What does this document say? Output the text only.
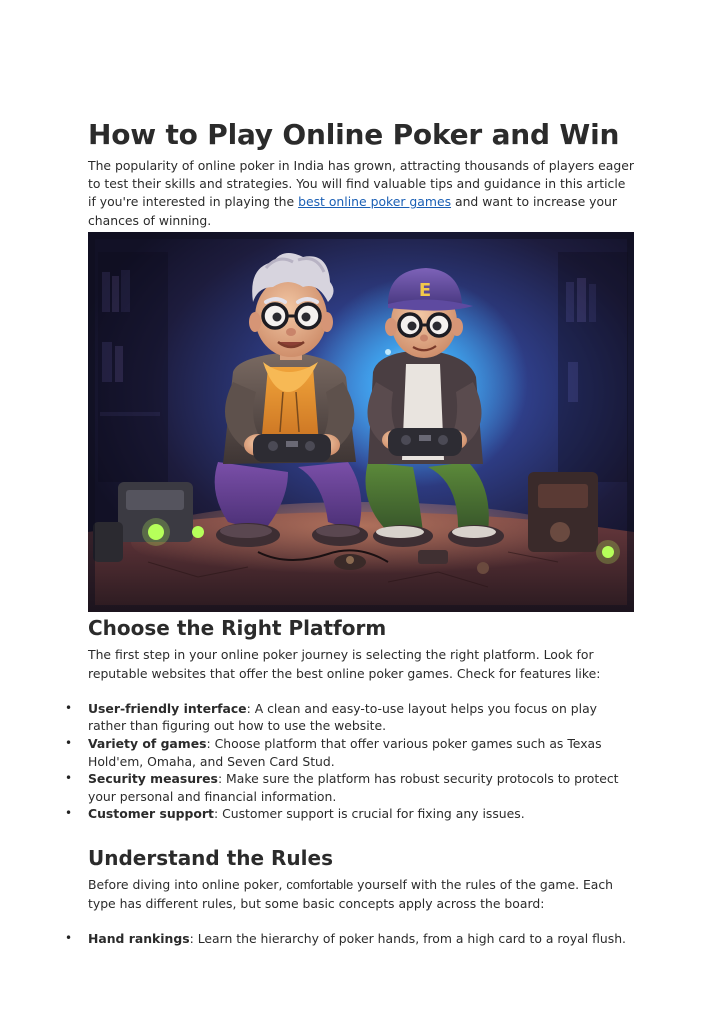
How to Play Online Poker and Win

The popularity of online poker in India has grown, attracting thousands of players eager to test their skills and strategies. You will find valuable tips and guidance in this article if you're interested in playing the best online poker games and want to increase your chances of winning.

E
Choose the Right Platform

The first step in your online poker journey is selecting the right platform. Look for reputable websites that offer the best online poker games. Check for features like:

• User-friendly interface: A clean and easy-to-use layout helps you focus on play rather than figuring out how to use the website.
• Variety of games: Choose platform that offer various poker games such as Texas Hold'em, Omaha, and Seven Card Stud.
• Security measures: Make sure the platform has robust security protocols to protect your personal and financial information.
• Customer support: Customer support is crucial for fixing any issues.
Understand the Rules

Before diving into online poker, comfortable yourself with the rules of the game. Each type has different rules, but some basic concepts apply across the board:

• Hand rankings: Learn the hierarchy of poker hands, from a high card to a royal flush.
